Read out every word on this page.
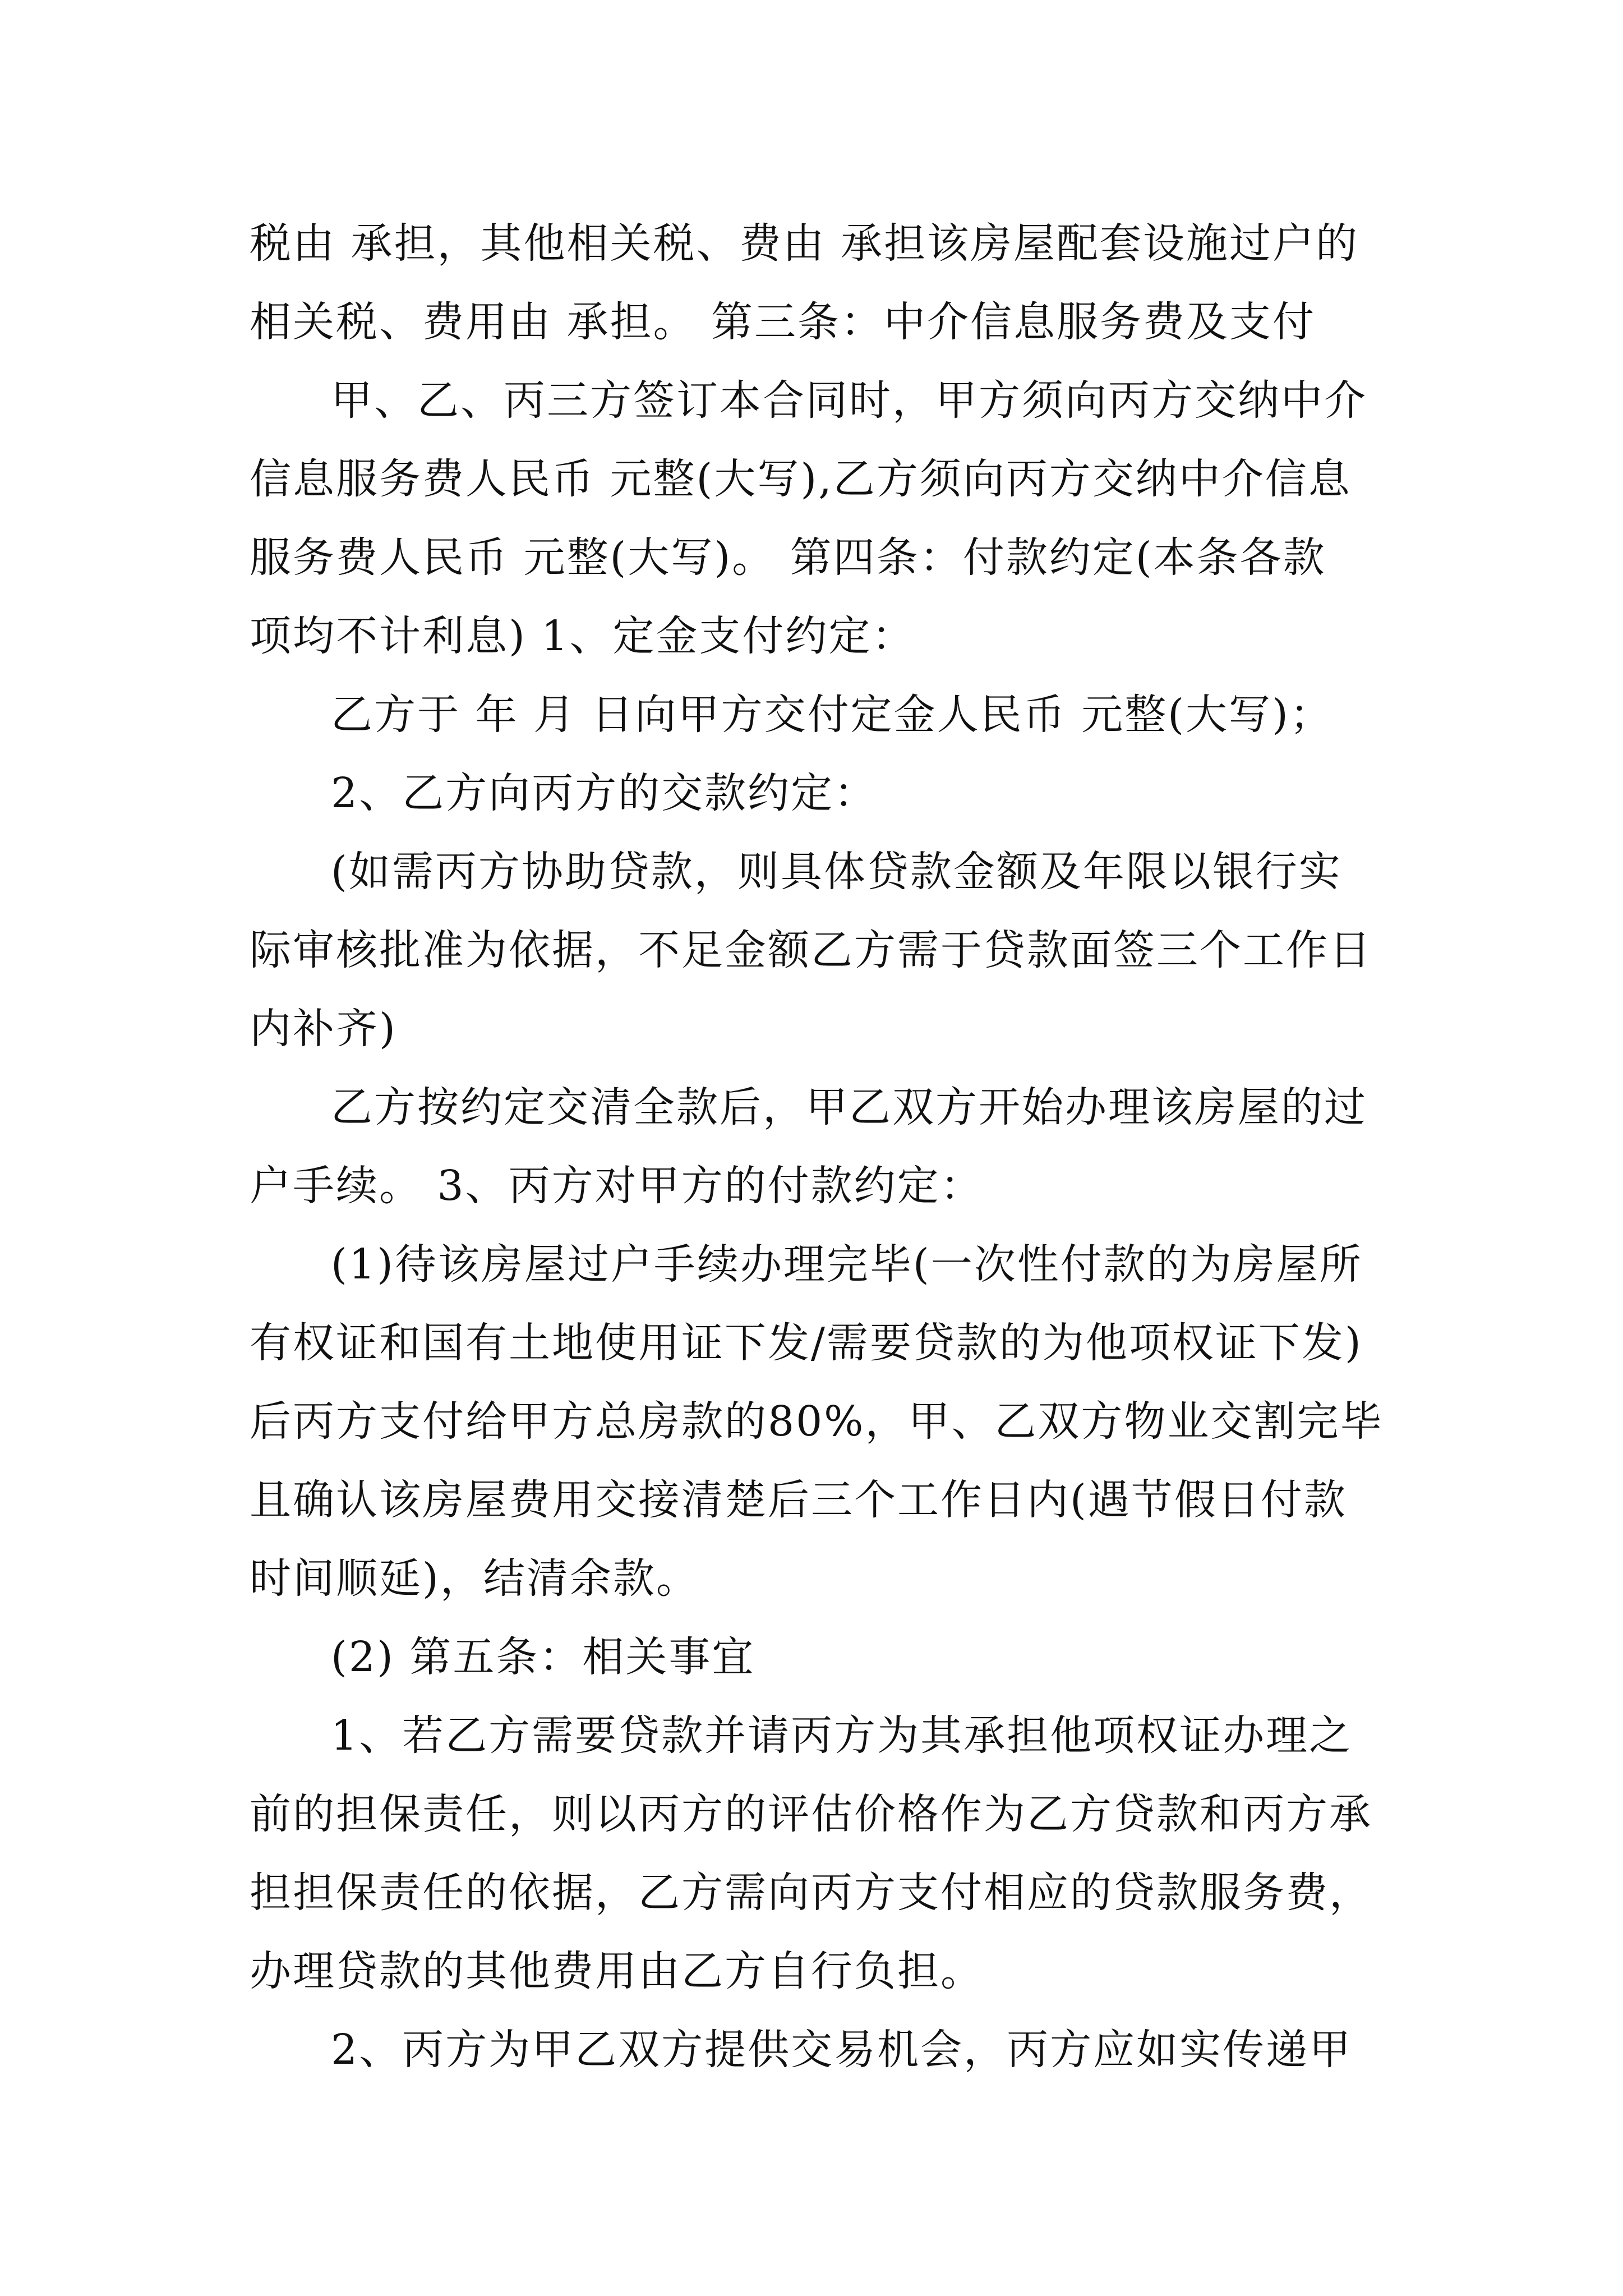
税由 承担，其他相关税、费由 承担该房屋配套设施过户的
相关税、费用由 承担。 第三条：中介信息服务费及支付
甲、乙、丙三方签订本合同时，甲方须向丙方交纳中介
信息服务费人民币 元整(大写),乙方须向丙方交纳中介信息
服务费人民币 元整(大写)。 第四条：付款约定(本条各款
项均不计利息) 1、定金支付约定：
乙方于 年 月 日向甲方交付定金人民币 元整(大写)；
2、乙方向丙方的交款约定：
(如需丙方协助贷款，则具体贷款金额及年限以银行实
际审核批准为依据，不足金额乙方需于贷款面签三个工作日
内补齐)
乙方按约定交清全款后，甲乙双方开始办理该房屋的过
户手续。 3、丙方对甲方的付款约定：
(1)待该房屋过户手续办理完毕(一次性付款的为房屋所
有权证和国有土地使用证下发/需要贷款的为他项权证下发)
后丙方支付给甲方总房款的80%，甲、乙双方物业交割完毕
且确认该房屋费用交接清楚后三个工作日内(遇节假日付款
时间顺延)，结清余款。
(2) 第五条：相关事宜
1、若乙方需要贷款并请丙方为其承担他项权证办理之
前的担保责任，则以丙方的评估价格作为乙方贷款和丙方承
担担保责任的依据，乙方需向丙方支付相应的贷款服务费，
办理贷款的其他费用由乙方自行负担。
2、丙方为甲乙双方提供交易机会，丙方应如实传递甲
